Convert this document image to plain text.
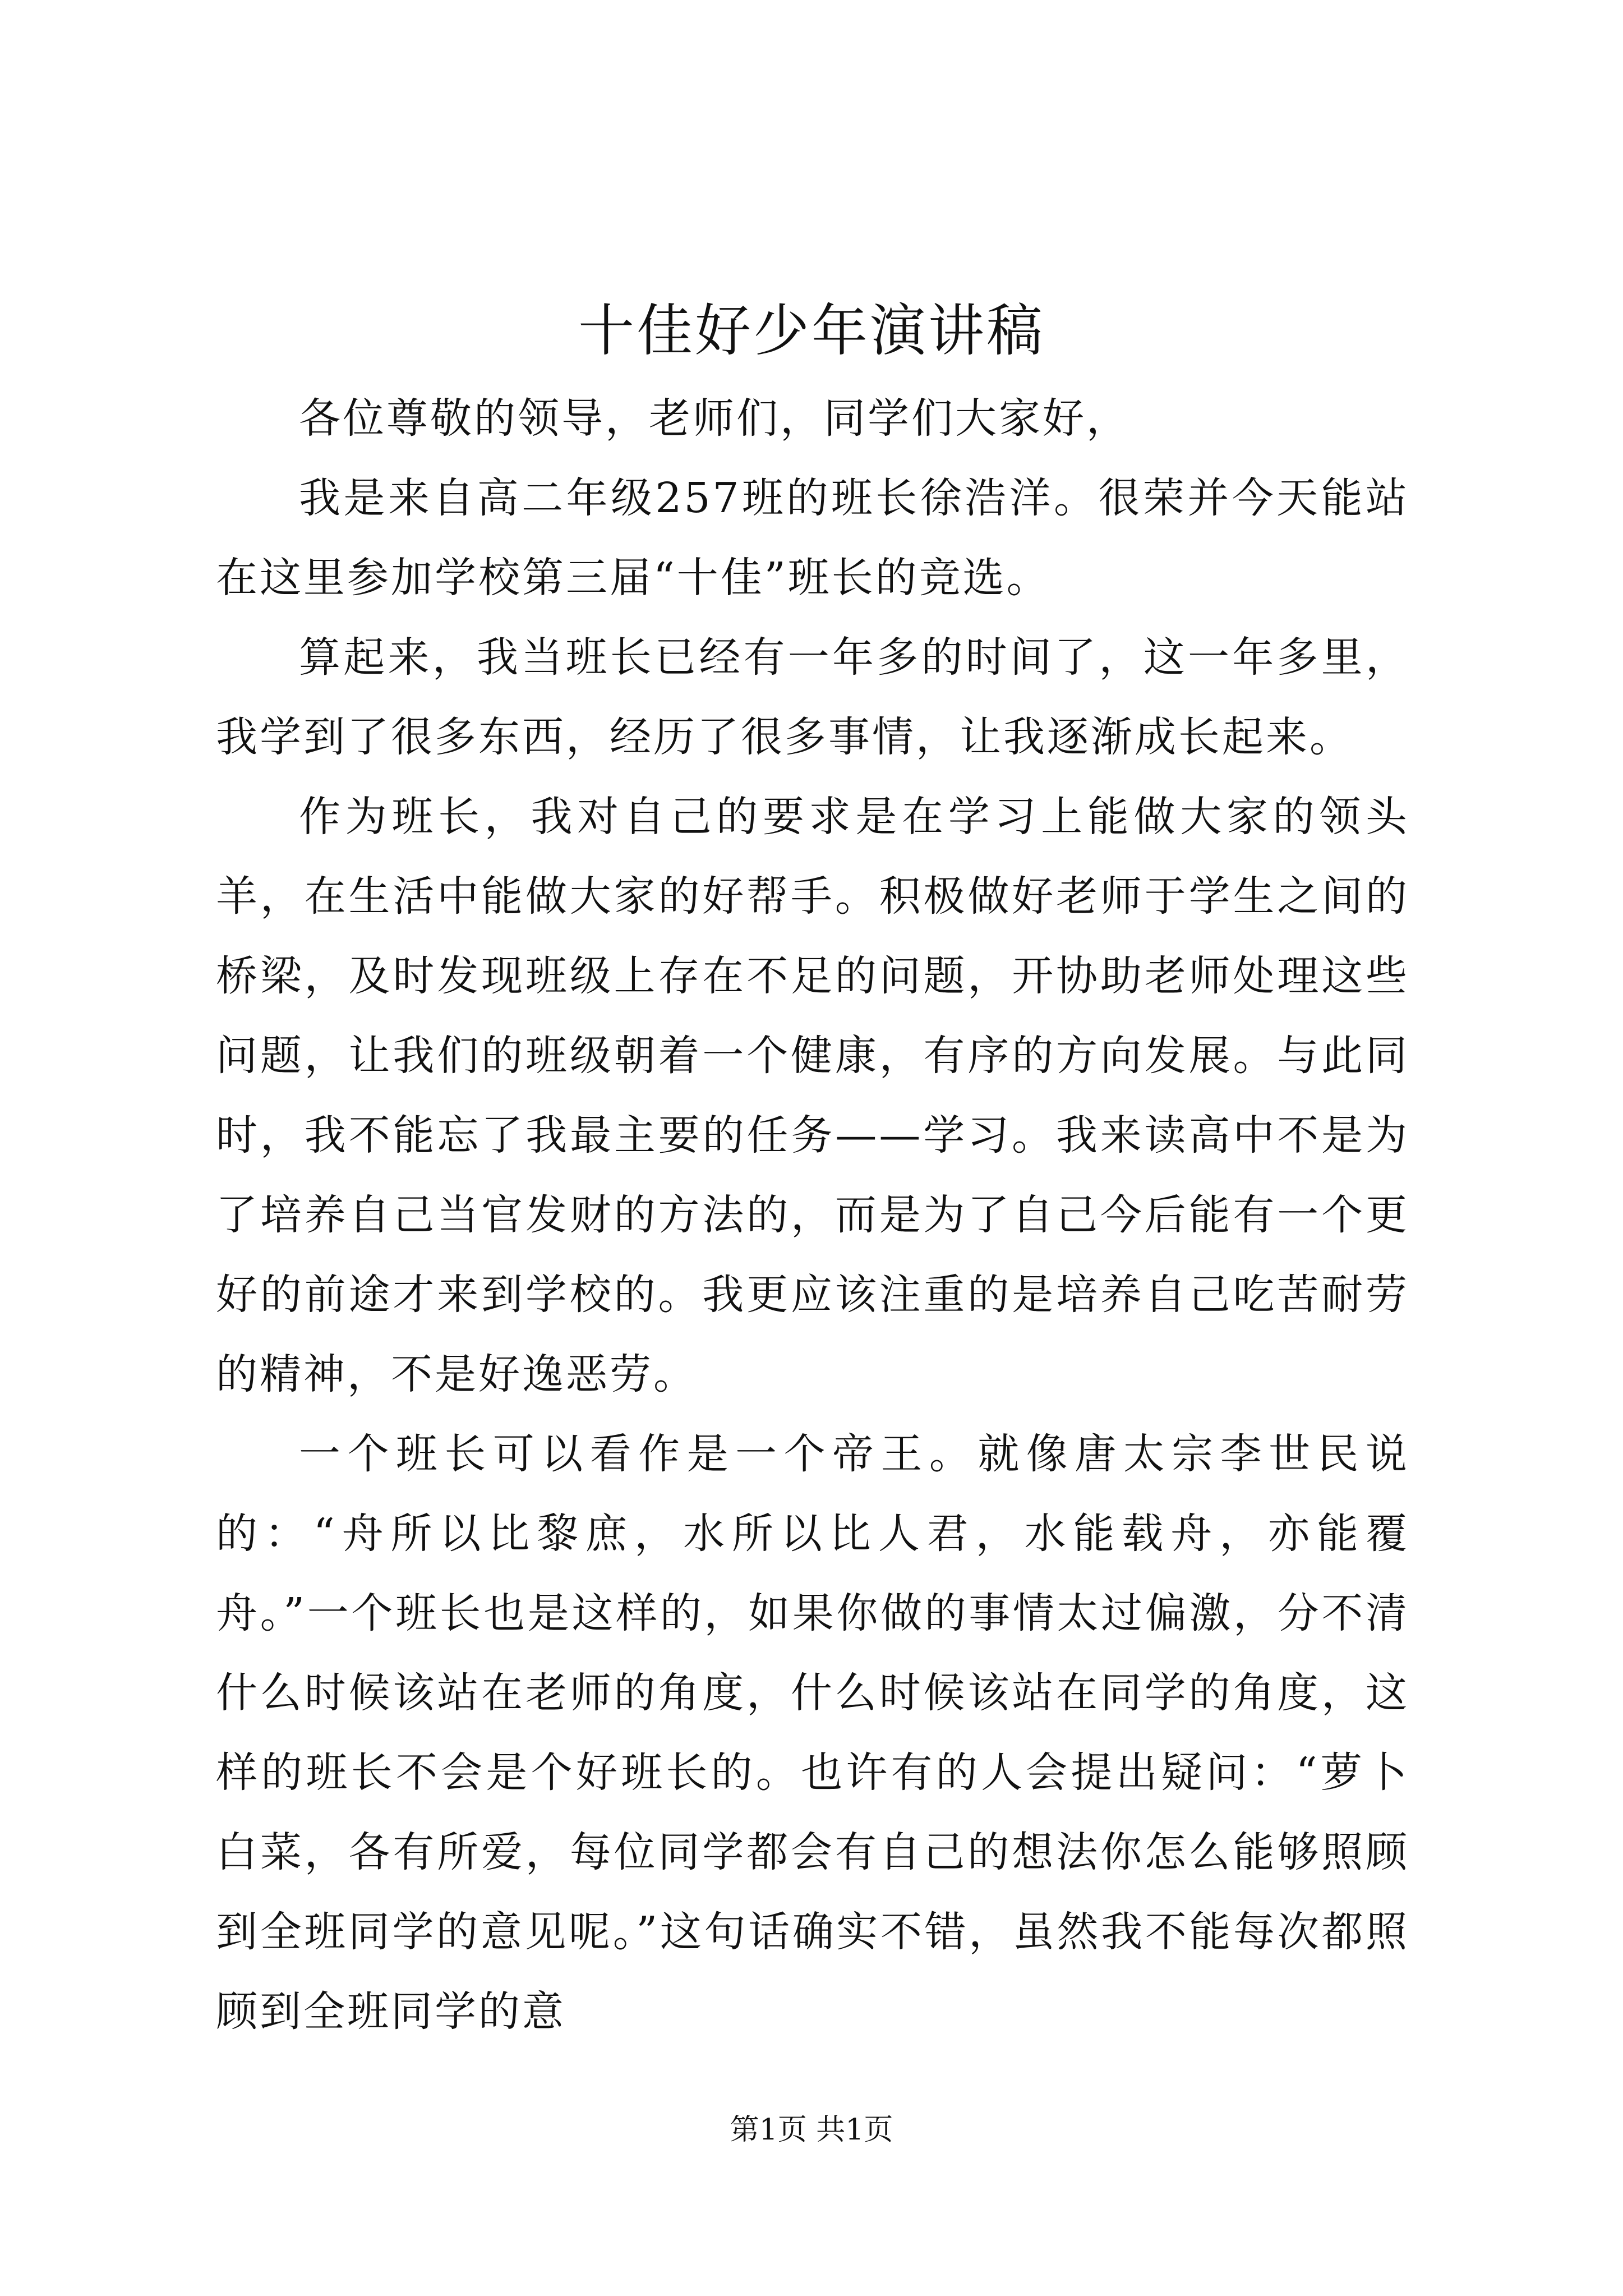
十佳好少年演讲稿

各位尊敬的领导，老师们，同学们大家好，

我是来自高二年级257班的班长徐浩洋。很荣并今天能站在这里参加学校第三届“十佳”班长的竞选。

算起来，我当班长已经有一年多的时间了，这一年多里，我学到了很多东西，经历了很多事情，让我逐渐成长起来。

作为班长，我对自己的要求是在学习上能做大家的领头羊，在生活中能做大家的好帮手。积极做好老师于学生之间的桥梁，及时发现班级上存在不足的问题，开协助老师处理这些问题，让我们的班级朝着一个健康，有序的方向发展。与此同时，我不能忘了我最主要的任务——学习。我来读高中不是为了培养自己当官发财的方法的，而是为了自己今后能有一个更好的前途才来到学校的。我更应该注重的是培养自己吃苦耐劳的精神，不是好逸恶劳。

一个班长可以看作是一个帝王。就像唐太宗李世民说的：“舟所以比黎庶，水所以比人君，水能载舟，亦能覆舟。”一个班长也是这样的，如果你做的事情太过偏激，分不清什么时候该站在老师的角度，什么时候该站在同学的角度，这样的班长不会是个好班长的。也许有的人会提出疑问：“萝卜白菜，各有所爱，每位同学都会有自己的想法你怎么能够照顾到全班同学的意见呢。”这句话确实不错，虽然我不能每次都照顾到全班同学的意

第1页 共1页
